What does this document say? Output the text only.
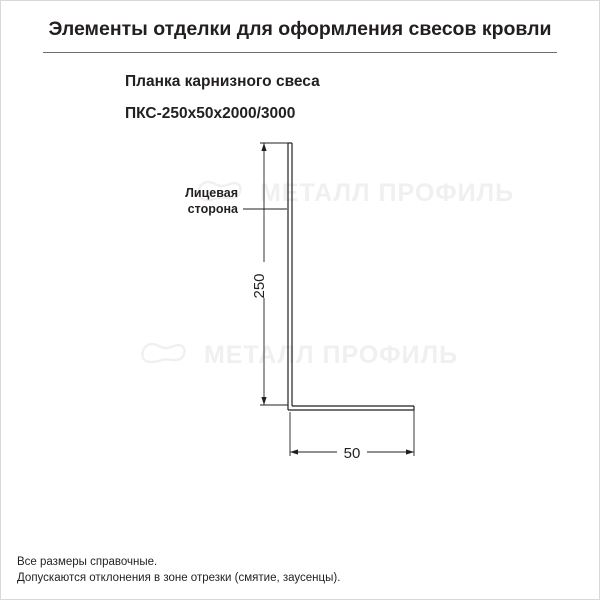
Элементы отделки для оформления свесов кровли
Планка карнизного свеса
ПКС-250х50х2000/3000
МЕТАЛЛ ПРОФИЛЬ
МЕТАЛЛ ПРОФИЛЬ
Лицевая
сторона
250
50
Все размеры справочные.
Допускаются отклонения в зоне отрезки (смятие, заусенцы).
